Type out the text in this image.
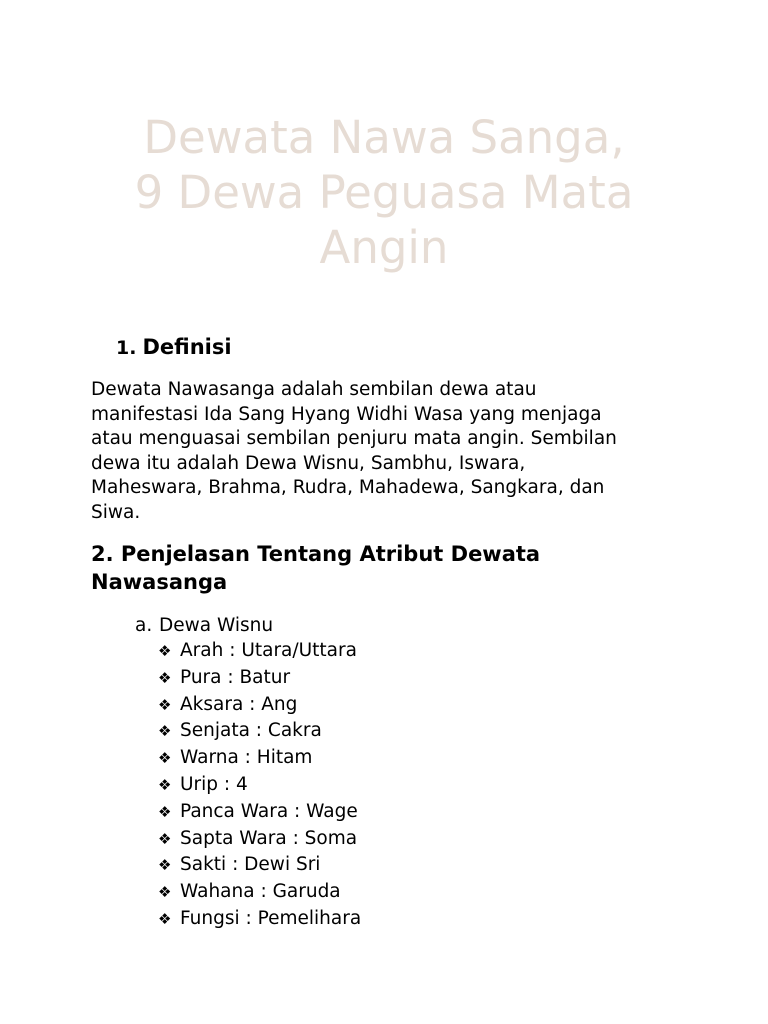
Dewata Nawa Sanga,
9 Dewa Peguasa Mata
Angin
1. Definisi

Dewata Nawasanga adalah sembilan dewa atau
manifestasi Ida Sang Hyang Widhi Wasa yang menjaga
atau menguasai sembilan penjuru mata angin. Sembilan
dewa itu adalah Dewa Wisnu, Sambhu, Iswara,
Maheswara, Brahma, Rudra, Mahadewa, Sangkara, dan
Siwa.

2. Penjelasan Tentang Atribut Dewata
Nawasanga
a. Dewa Wisnu
❖ Arah : Utara/Uttara
❖ Pura : Batur
❖ Aksara : Ang
❖ Senjata : Cakra
❖ Warna : Hitam
❖ Urip : 4
❖ Panca Wara : Wage
❖ Sapta Wara : Soma
❖ Sakti : Dewi Sri
❖ Wahana : Garuda
❖ Fungsi : Pemelihara
